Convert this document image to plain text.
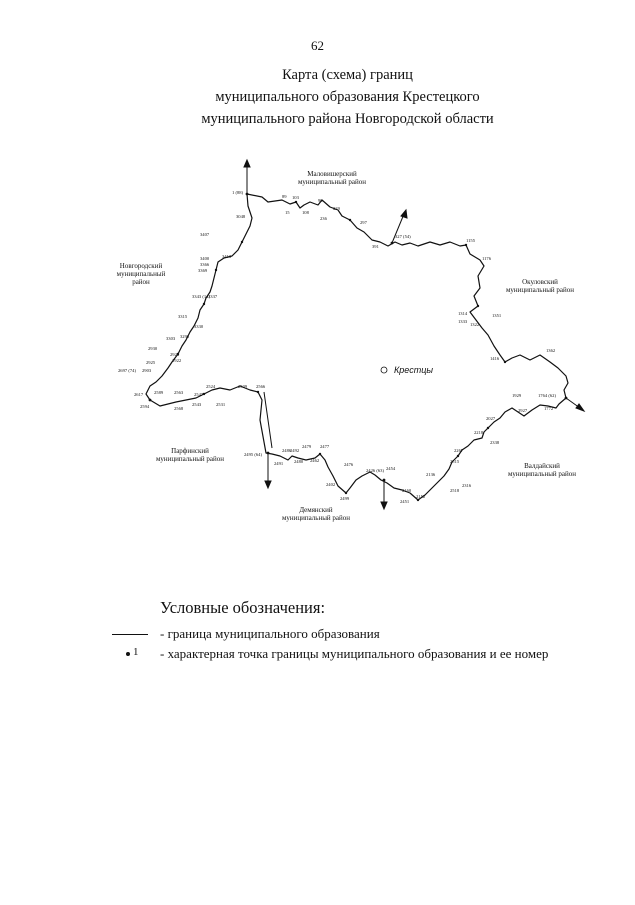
62
Карта (схема) границ
муниципального образования Крестецкого
муниципального района Новгородской области
1 (88)
89 103
15	108
90
236
229
297
391
327 (54)
1155
1176
1314
3048
3407
3413
3400
3366
3369
3343 (14)
3337
3315
3330
3303 3296
2930
2923
2922
2925
2697 (74) 2903
2617
2594
2589 2563
2568
2547
2543	2531
2524	2509 2566
1322
1351
1333
1416
1362
1929	1764 (62)
2927	1772
2027
2218
2338
2267
2515
2316
2518
2136
2160
2152
2451
2454
2426 (63)
2476
2499
2402
2477
2479
2462
2480
2495 (64)
2491
2486
2492
Маловишерский
муниципальный район
Новгородский
муниципальный
район	Окуловский
муниципальный район
Парфинский
муниципальный район
Валдайский
муниципальный район
Демянский
муниципальный район
Крестцы
Условные обозначения:
- граница муниципального образования
1 - характерная точка границы муниципального образования и ее номер
